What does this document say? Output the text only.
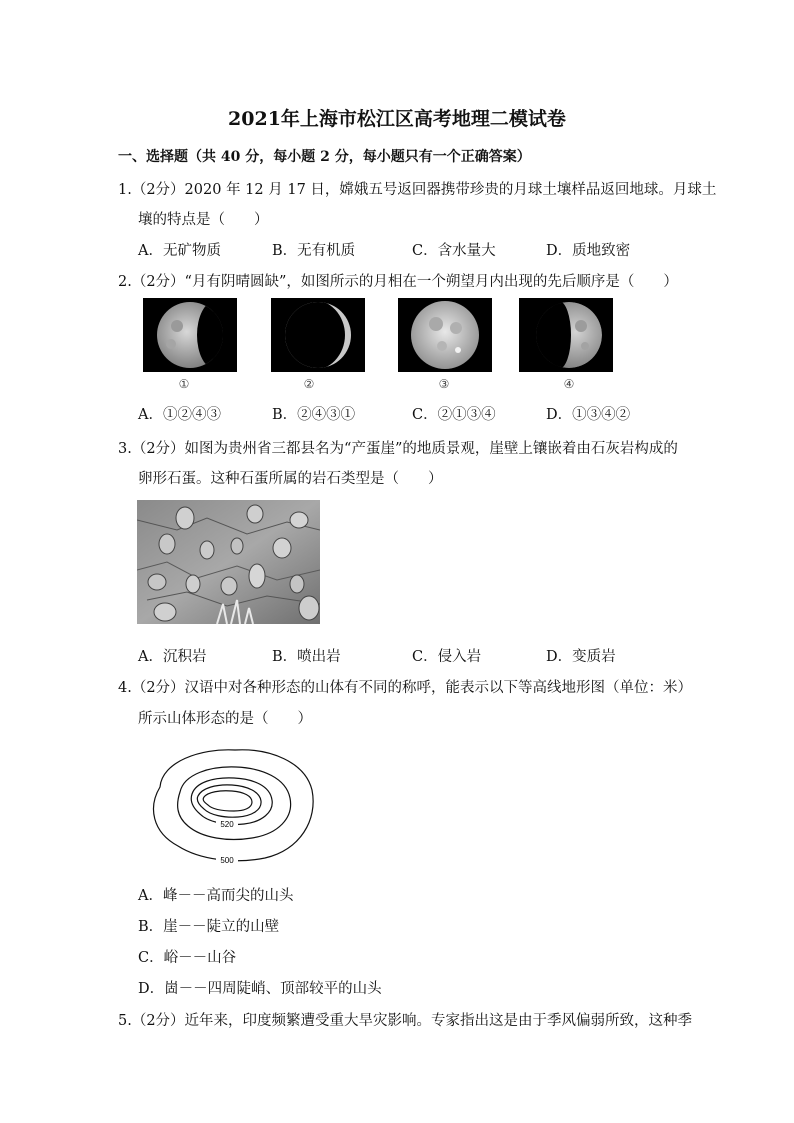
2021年上海市松江区高考地理二模试卷
一、选择题（共 40 分，每小题 2 分，每小题只有一个正确答案）
1.（2分）2020 年 12 月 17 日，嫦娥五号返回器携带珍贵的月球土壤样品返回地球。月球土
壤的特点是（　　）
A．无矿物质	B．无有机质	C．含水量大	D．质地致密
2.（2分）“月有阴晴圆缺”，如图所示的月相在一个朔望月内出现的先后顺序是（　　）
①	②	③	④
A．①②④③	B．②④③①	C．②①③④	D．①③④②
3.（2分）如图为贵州省三都县名为“产蛋崖”的地质景观，崖壁上镶嵌着由石灰岩构成的
卵形石蛋。这种石蛋所属的岩石类型是（　　）
A．沉积岩	B．喷出岩	C．侵入岩	D．变质岩
4.（2分）汉语中对各种形态的山体有不同的称呼，能表示以下等高线地形图（单位：米）
所示山体形态的是（　　）
520
500
A．峰－－高而尖的山头
B．崖－－陡立的山壁
C．峪－－山谷
D．崮－－四周陡峭、顶部较平的山头
5.（2分）近年来，印度频繁遭受重大旱灾影响。专家指出这是由于季风偏弱所致，这种季
